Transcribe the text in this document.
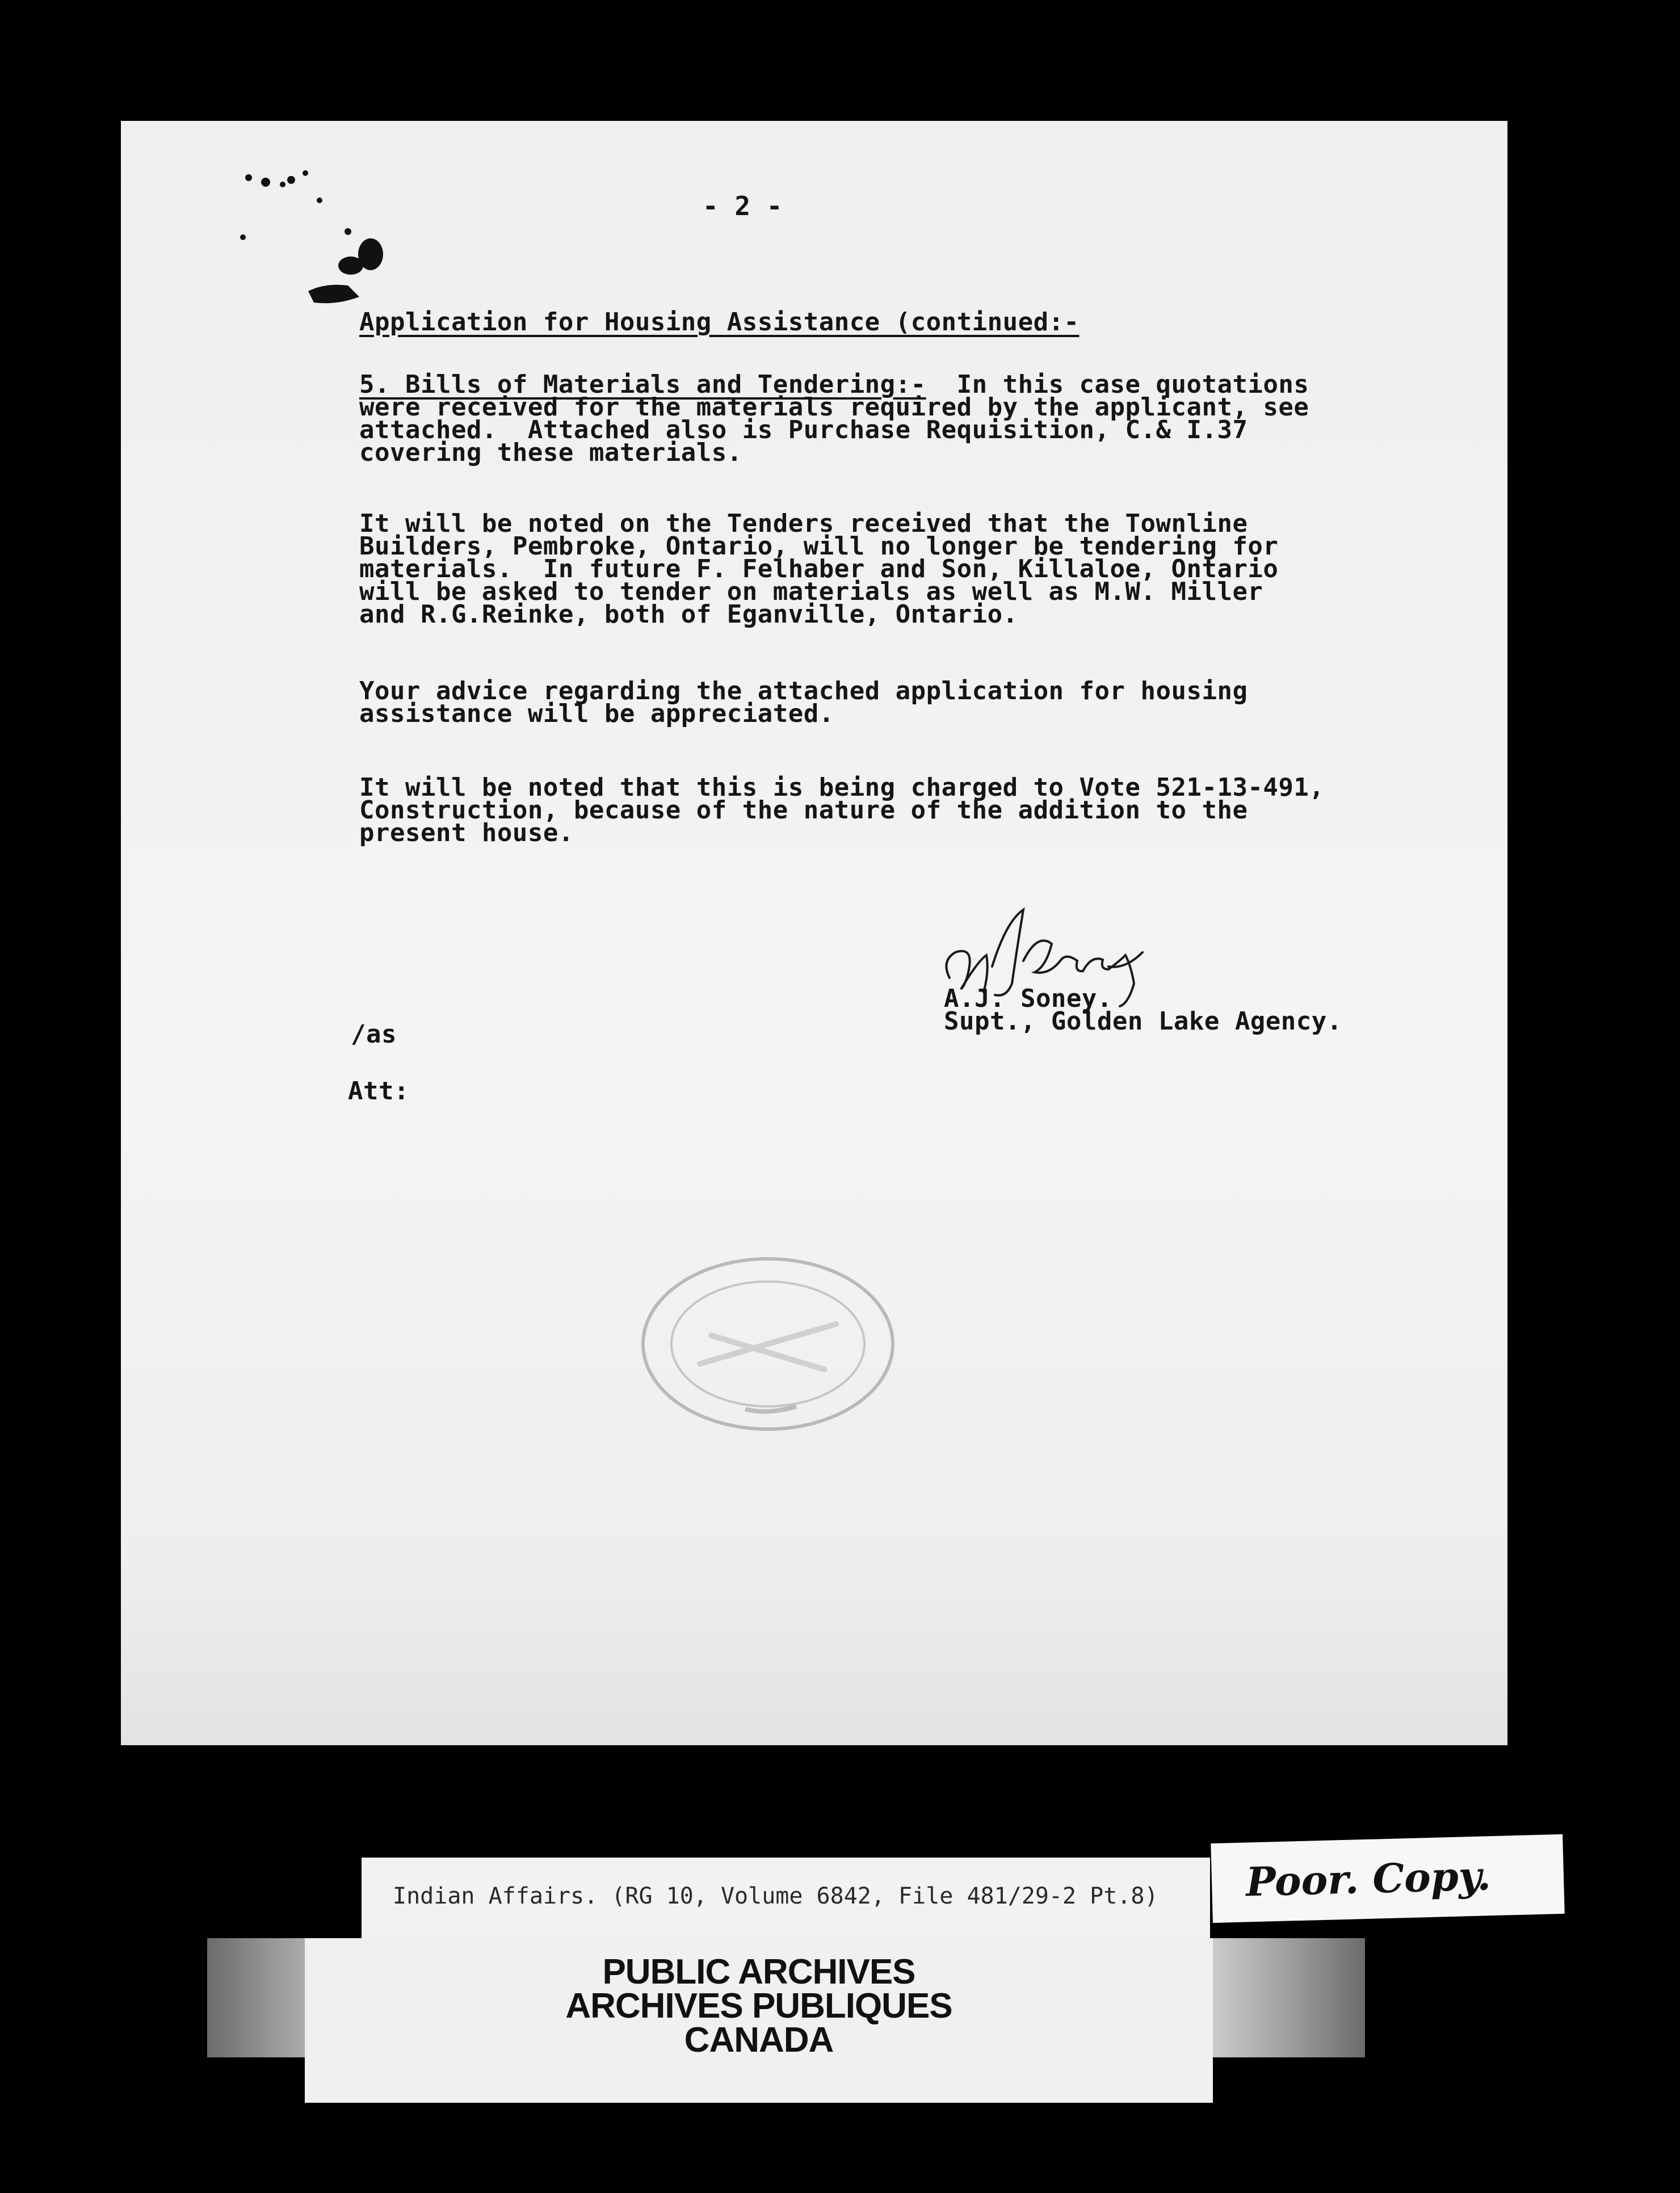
- 2 -
Application for Housing Assistance (continued:-
5. Bills of Materials and Tendering:-  In this case quotations
were received for the materials required by the applicant, see
attached.  Attached also is Purchase Requisition, C.& I.37
covering these materials.
It will be noted on the Tenders received that the Townline
Builders, Pembroke, Ontario, will no longer be tendering for
materials.  In future F. Felhaber and Son, Killaloe, Ontario
will be asked to tender on materials as well as M.W. Miller
and R.G.Reinke, both of Eganville, Ontario.
Your advice regarding the attached application for housing
assistance will be appreciated.
It will be noted that this is being charged to Vote 521-13-491,
Construction, because of the nature of the addition to the
present house.
A.J. Soney.
Supt., Golden Lake Agency.
/as
Att:
Indian Affairs. (RG 10, Volume 6842, File 481/29-2 Pt.8) Poor. Copy.
PUBLIC ARCHIVES
ARCHIVES PUBLIQUES
CANADA
